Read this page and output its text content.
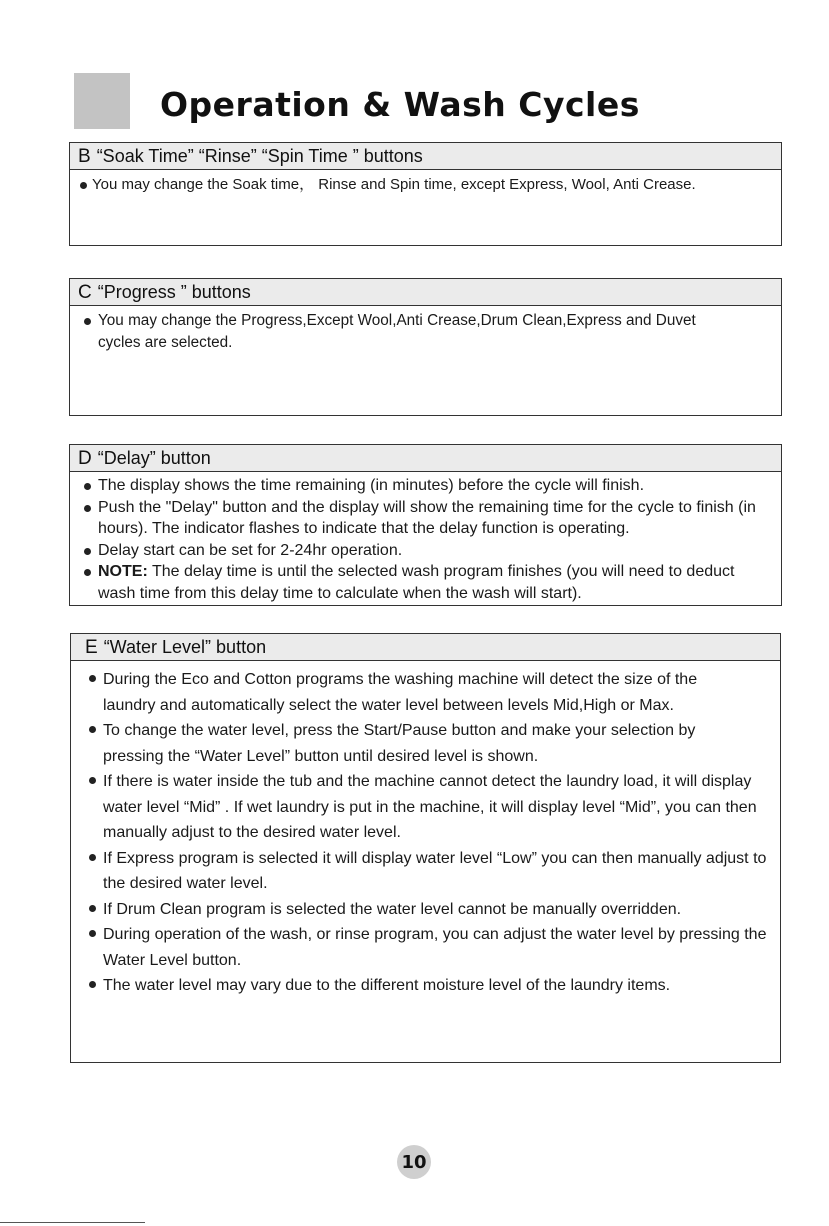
Operation & Wash Cycles
B “Soak Time” “Rinse” “Spin Time ” buttons
You may change the Soak time， Rinse and Spin time, except Express, Wool, Anti Crease.
C “Progress ” buttons
You may change the Progress,Except Wool,Anti Crease,Drum Clean,Express and Duvet cycles are selected.
D “Delay” button
The display shows the time remaining (in minutes) before the cycle will finish.
Push the "Delay" button and the display will show the remaining time for the cycle to finish (in hours). The indicator flashes to indicate that the delay function is operating.
Delay start can be set for 2-24hr operation.
NOTE: The delay time is until the selected wash program finishes (you will need to deduct wash time from this delay time to calculate when the wash will start).
E “Water Level” button
During the Eco and Cotton programs the washing machine will detect the size of the laundry and automatically select the water level between levels Mid,High or Max.
To change the water level, press the Start/Pause button and make your selection by pressing the “Water Level” button until desired level is shown.
If there is water inside the tub and the machine cannot detect the laundry load, it will display water level “Mid” . If wet laundry is put in the machine, it will display level “Mid”, you can then manually adjust to the desired water level.
If Express program is selected it will display water level “Low” you can then manually adjust to the desired water level.
If Drum Clean program is selected the water level cannot be manually overridden.
During operation of the wash, or rinse program, you can adjust the water level by pressing the Water Level button.
The water level may vary due to the different moisture level of the laundry items.
10
